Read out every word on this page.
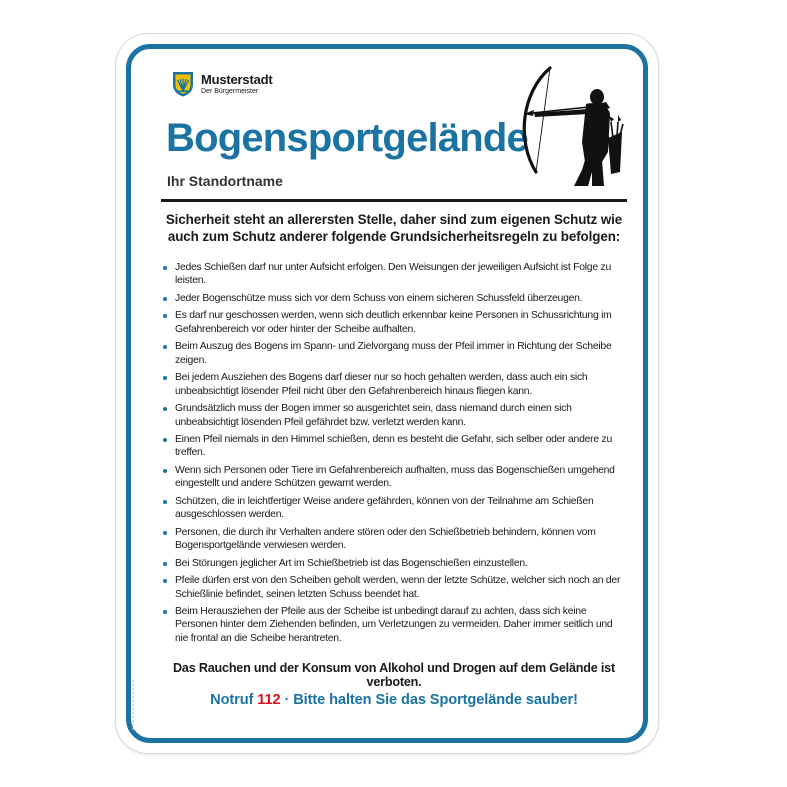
Musterstadt
Der Bürgermeister
Bogensportgelände
Ihr Standortname
Sicherheit steht an allerersten Stelle, daher sind zum eigenen Schutz wie auch zum Schutz anderer folgende Grundsicherheitsregeln zu befolgen:
Jedes Schießen darf nur unter Aufsicht erfolgen. Den Weisungen der jeweiligen Aufsicht ist Folge zu leisten.
Jeder Bogenschütze muss sich vor dem Schuss von einem sicheren Schussfeld überzeugen.
Es darf nur geschossen werden, wenn sich deutlich erkennbar keine Personen in Schussrichtung im Gefahrenbereich vor oder hinter der Scheibe aufhalten.
Beim Auszug des Bogens im Spann- und Zielvorgang muss der Pfeil immer in Richtung der Scheibe zeigen.
Bei jedem Ausziehen des Bogens darf dieser nur so hoch gehalten werden, dass auch ein sich unbeabsichtigt lösender Pfeil nicht über den Gefahrenbereich hinaus fliegen kann.
Grundsätzlich muss der Bogen immer so ausgerichtet sein, dass niemand durch einen sich unbeabsichtigt lösenden Pfeil gefährdet bzw. verletzt werden kann.
Einen Pfeil niemals in den Himmel schießen, denn es besteht die Gefahr, sich selber oder andere zu treffen.
Wenn sich Personen oder Tiere im Gefahrenbereich aufhalten, muss das Bogenschießen umgehend eingestellt und andere Schützen gewarnt werden.
Schützen, die in leichtfertiger Weise andere gefährden, können von der Teilnahme am Schießen ausgeschlossen werden.
Personen, die durch ihr Verhalten andere stören oder den Schießbetrieb behindern, können vom Bogensportgelände verwiesen werden.
Bei Störungen jeglicher Art im Schießbetrieb ist das Bogenschießen einzustellen.
Pfeile dürfen erst von den Scheiben geholt werden, wenn der letzte Schütze, welcher sich noch an der Schießlinie befindet, seinen letzten Schuss beendet hat.
Beim Herausziehen der Pfeile aus der Scheibe ist unbedingt darauf zu achten, dass sich keine Personen hinter dem Ziehenden befinden, um Verletzungen zu vermeiden. Daher immer seitlich und nie frontal an die Scheibe herantreten.
Das Rauchen und der Konsum von Alkohol und Drogen auf dem Gelände ist verboten.
Notruf 112 · Bitte halten Sie das Sportgelände sauber!
